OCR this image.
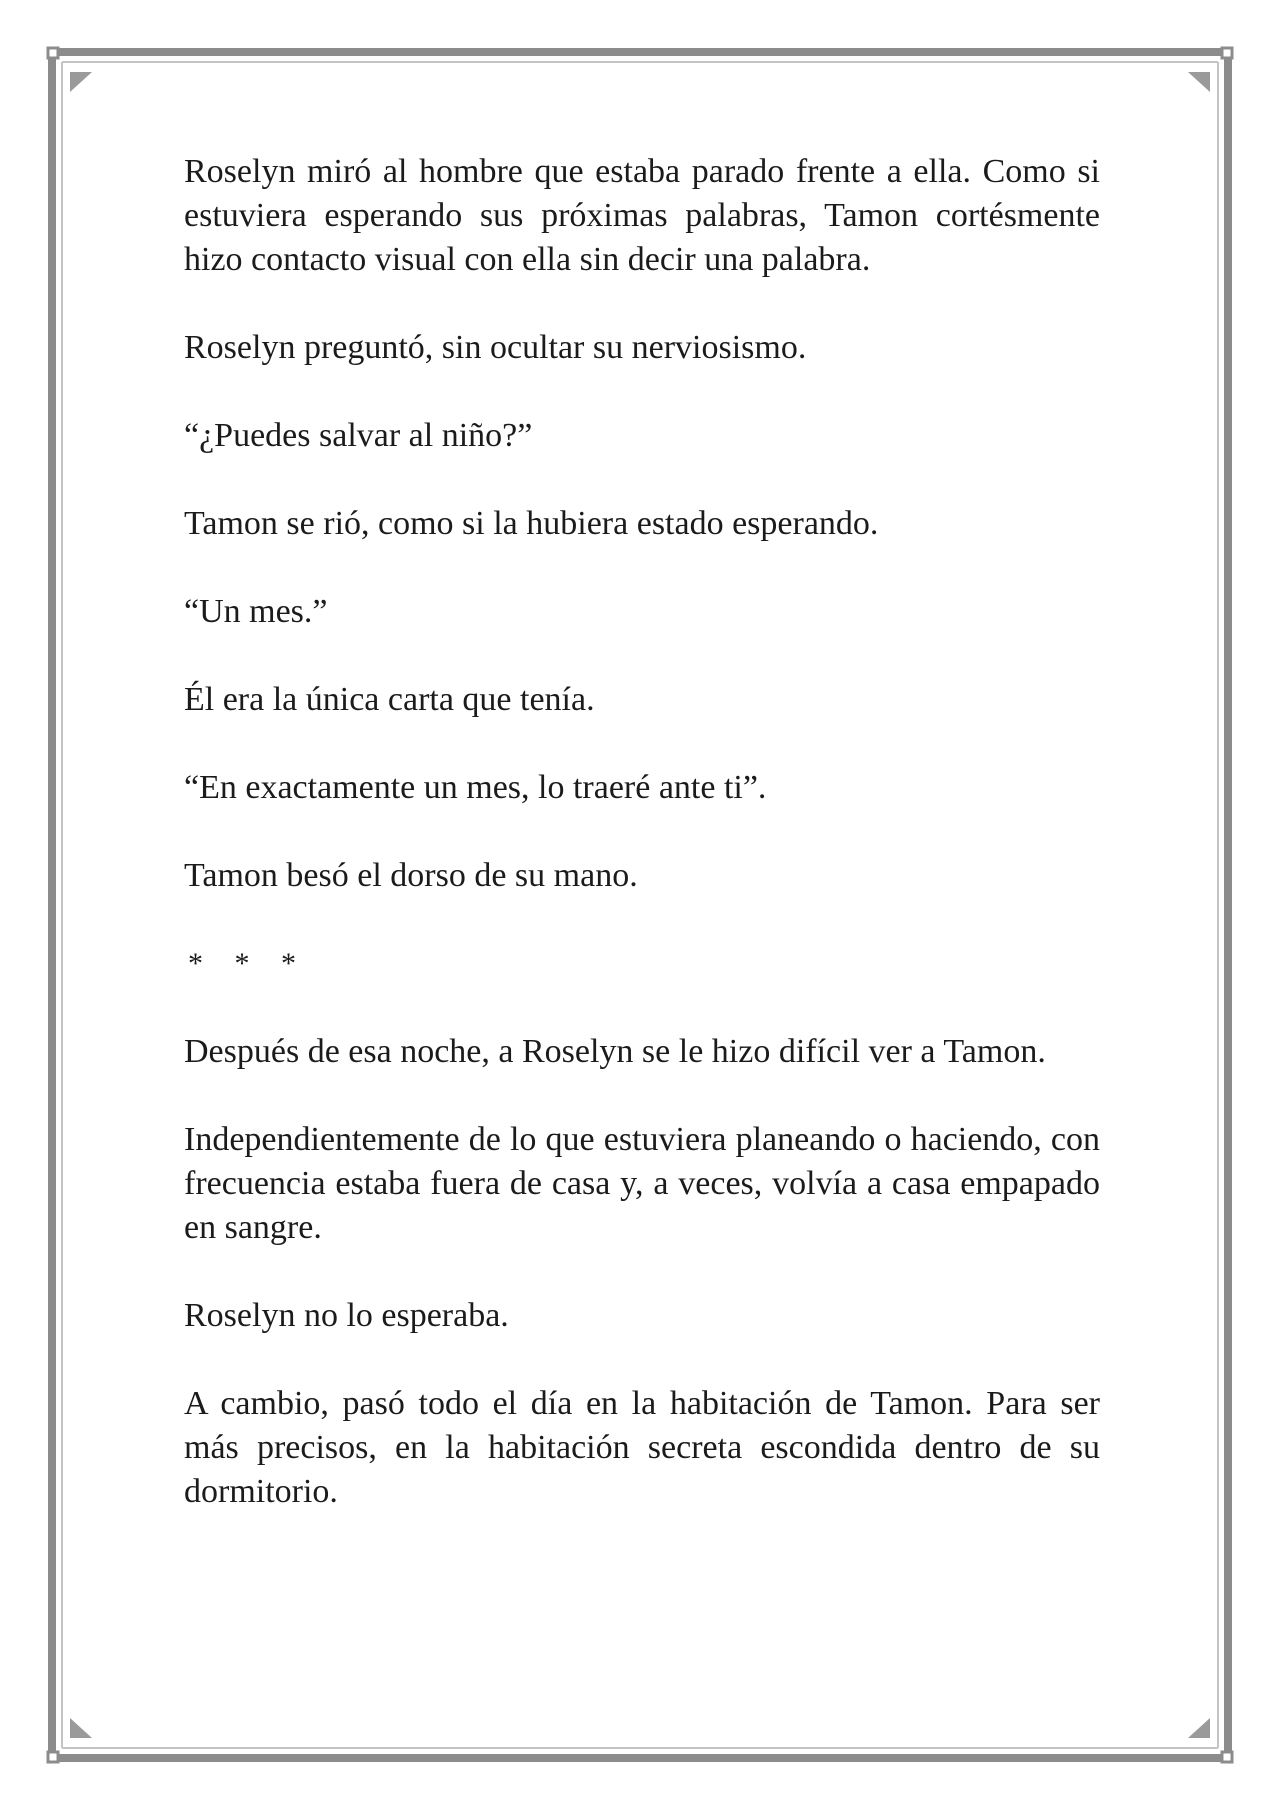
Roselyn miró al hombre que estaba parado frente a ella. Como si estuviera esperando sus próximas palabras, Tamon cortésmente hizo contacto visual con ella sin decir una palabra.

Roselyn preguntó, sin ocultar su nerviosismo.

“¿Puedes salvar al niño?”

Tamon se rió, como si la hubiera estado esperando.

“Un mes.”

Él era la única carta que tenía.

“En exactamente un mes, lo traeré ante ti”.

Tamon besó el dorso de su mano.

* * *

Después de esa noche, a Roselyn se le hizo difícil ver a Tamon.

Independientemente de lo que estuviera planeando o haciendo, con frecuencia estaba fuera de casa y, a veces, volvía a casa empapado en sangre.

Roselyn no lo esperaba.

A cambio, pasó todo el día en la habitación de Tamon. Para ser más precisos, en la habitación secreta escondida dentro de su dormitorio.
